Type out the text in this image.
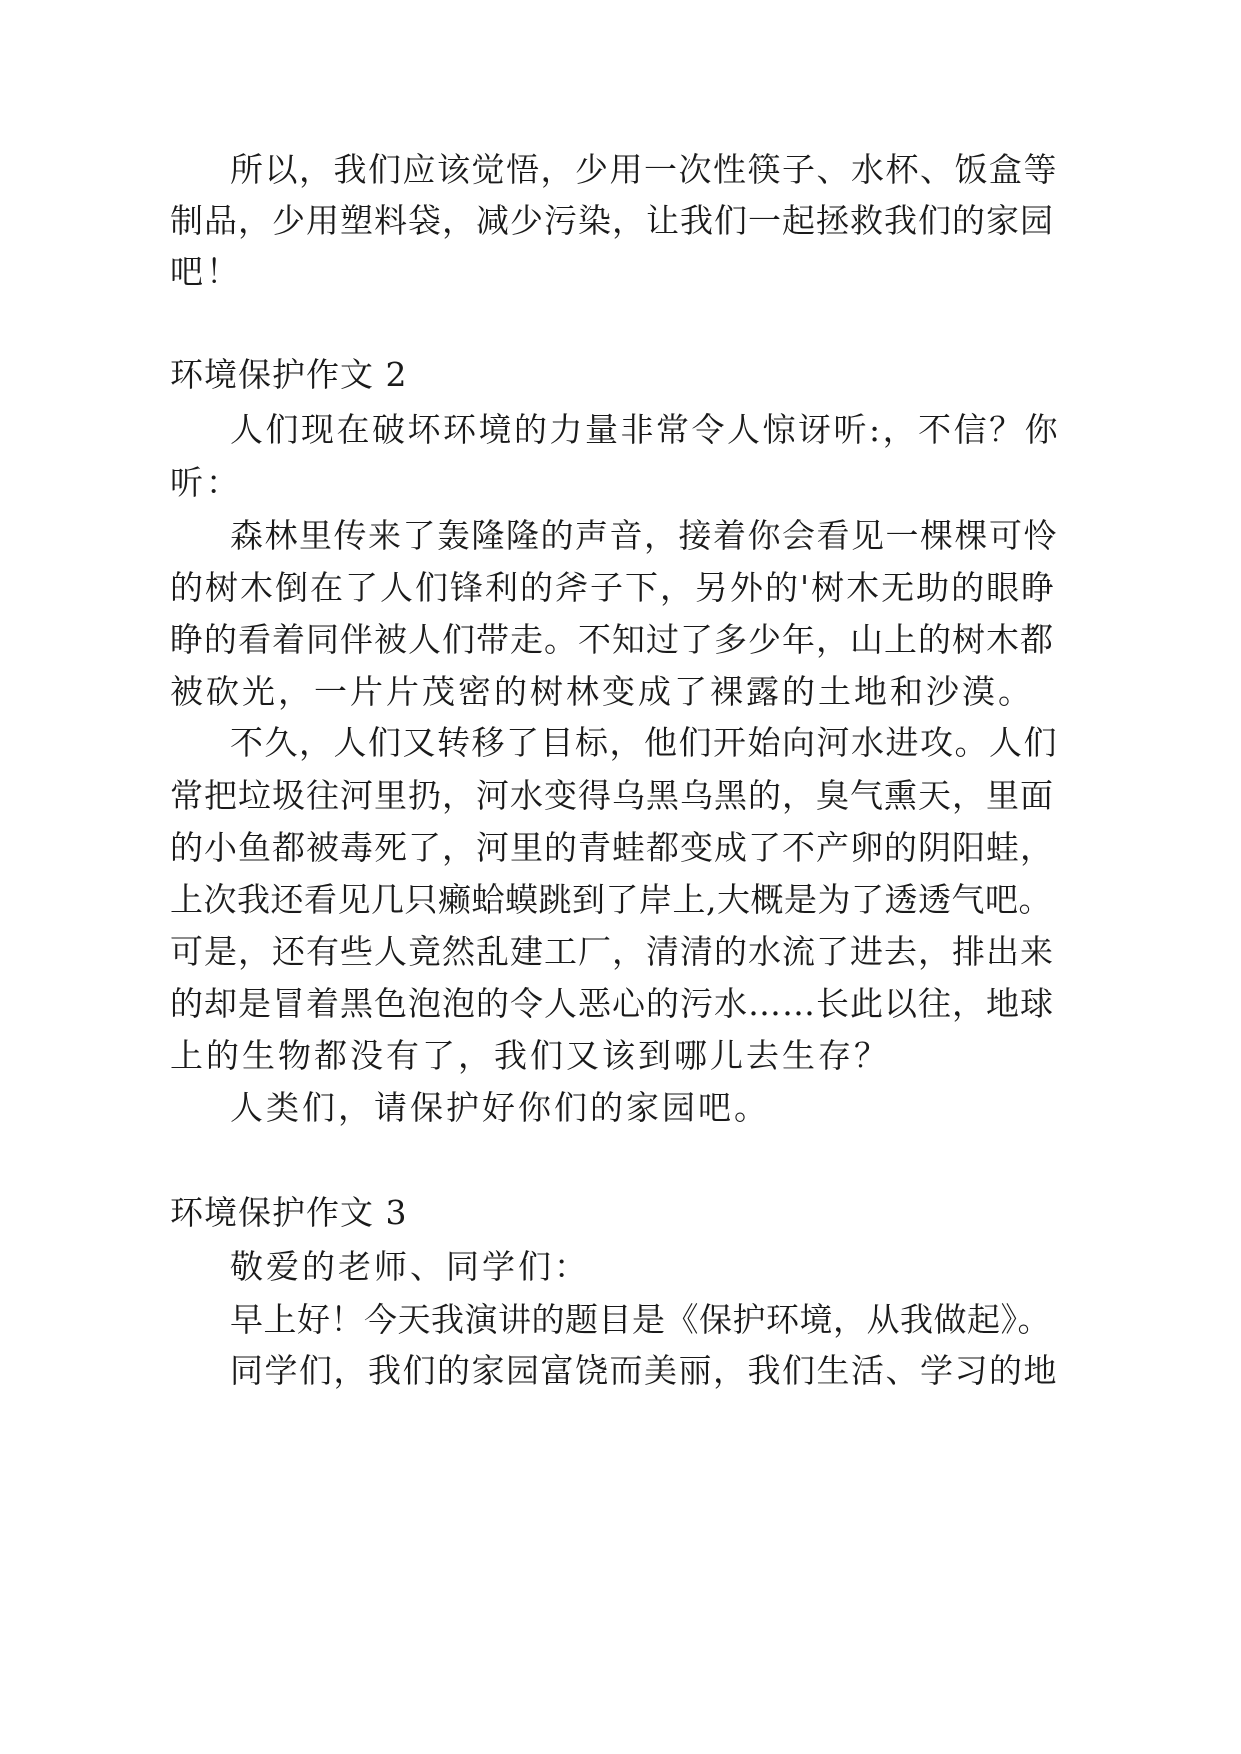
所以，我们应该觉悟，少用一次性筷子、水杯、饭盒等
制品，少用塑料袋，减少污染，让我们一起拯救我们的家园
吧！
环境保护作文 2
人们现在破坏环境的力量非常令人惊讶听:，不信？你
听：
森林里传来了轰隆隆的声音，接着你会看见一棵棵可怜
的树木倒在了人们锋利的斧子下，另外的'树木无助的眼睁
睁的看着同伴被人们带走。不知过了多少年，山上的树木都
被砍光，一片片茂密的树林变成了裸露的土地和沙漠。
不久，人们又转移了目标，他们开始向河水进攻。人们
常把垃圾往河里扔，河水变得乌黑乌黑的，臭气熏天，里面
的小鱼都被毒死了，河里的青蛙都变成了不产卵的阴阳蛙，
上次我还看见几只癞蛤蟆跳到了岸上,大概是为了透透气吧。
可是，还有些人竟然乱建工厂，清清的水流了进去，排出来
的却是冒着黑色泡泡的令人恶心的污水……长此以往，地球
上的生物都没有了，我们又该到哪儿去生存？
人类们，请保护好你们的家园吧。
环境保护作文 3
敬爱的老师、同学们：
早上好！今天我演讲的题目是《保护环境，从我做起》。
同学们，我们的家园富饶而美丽，我们生活、学习的地
